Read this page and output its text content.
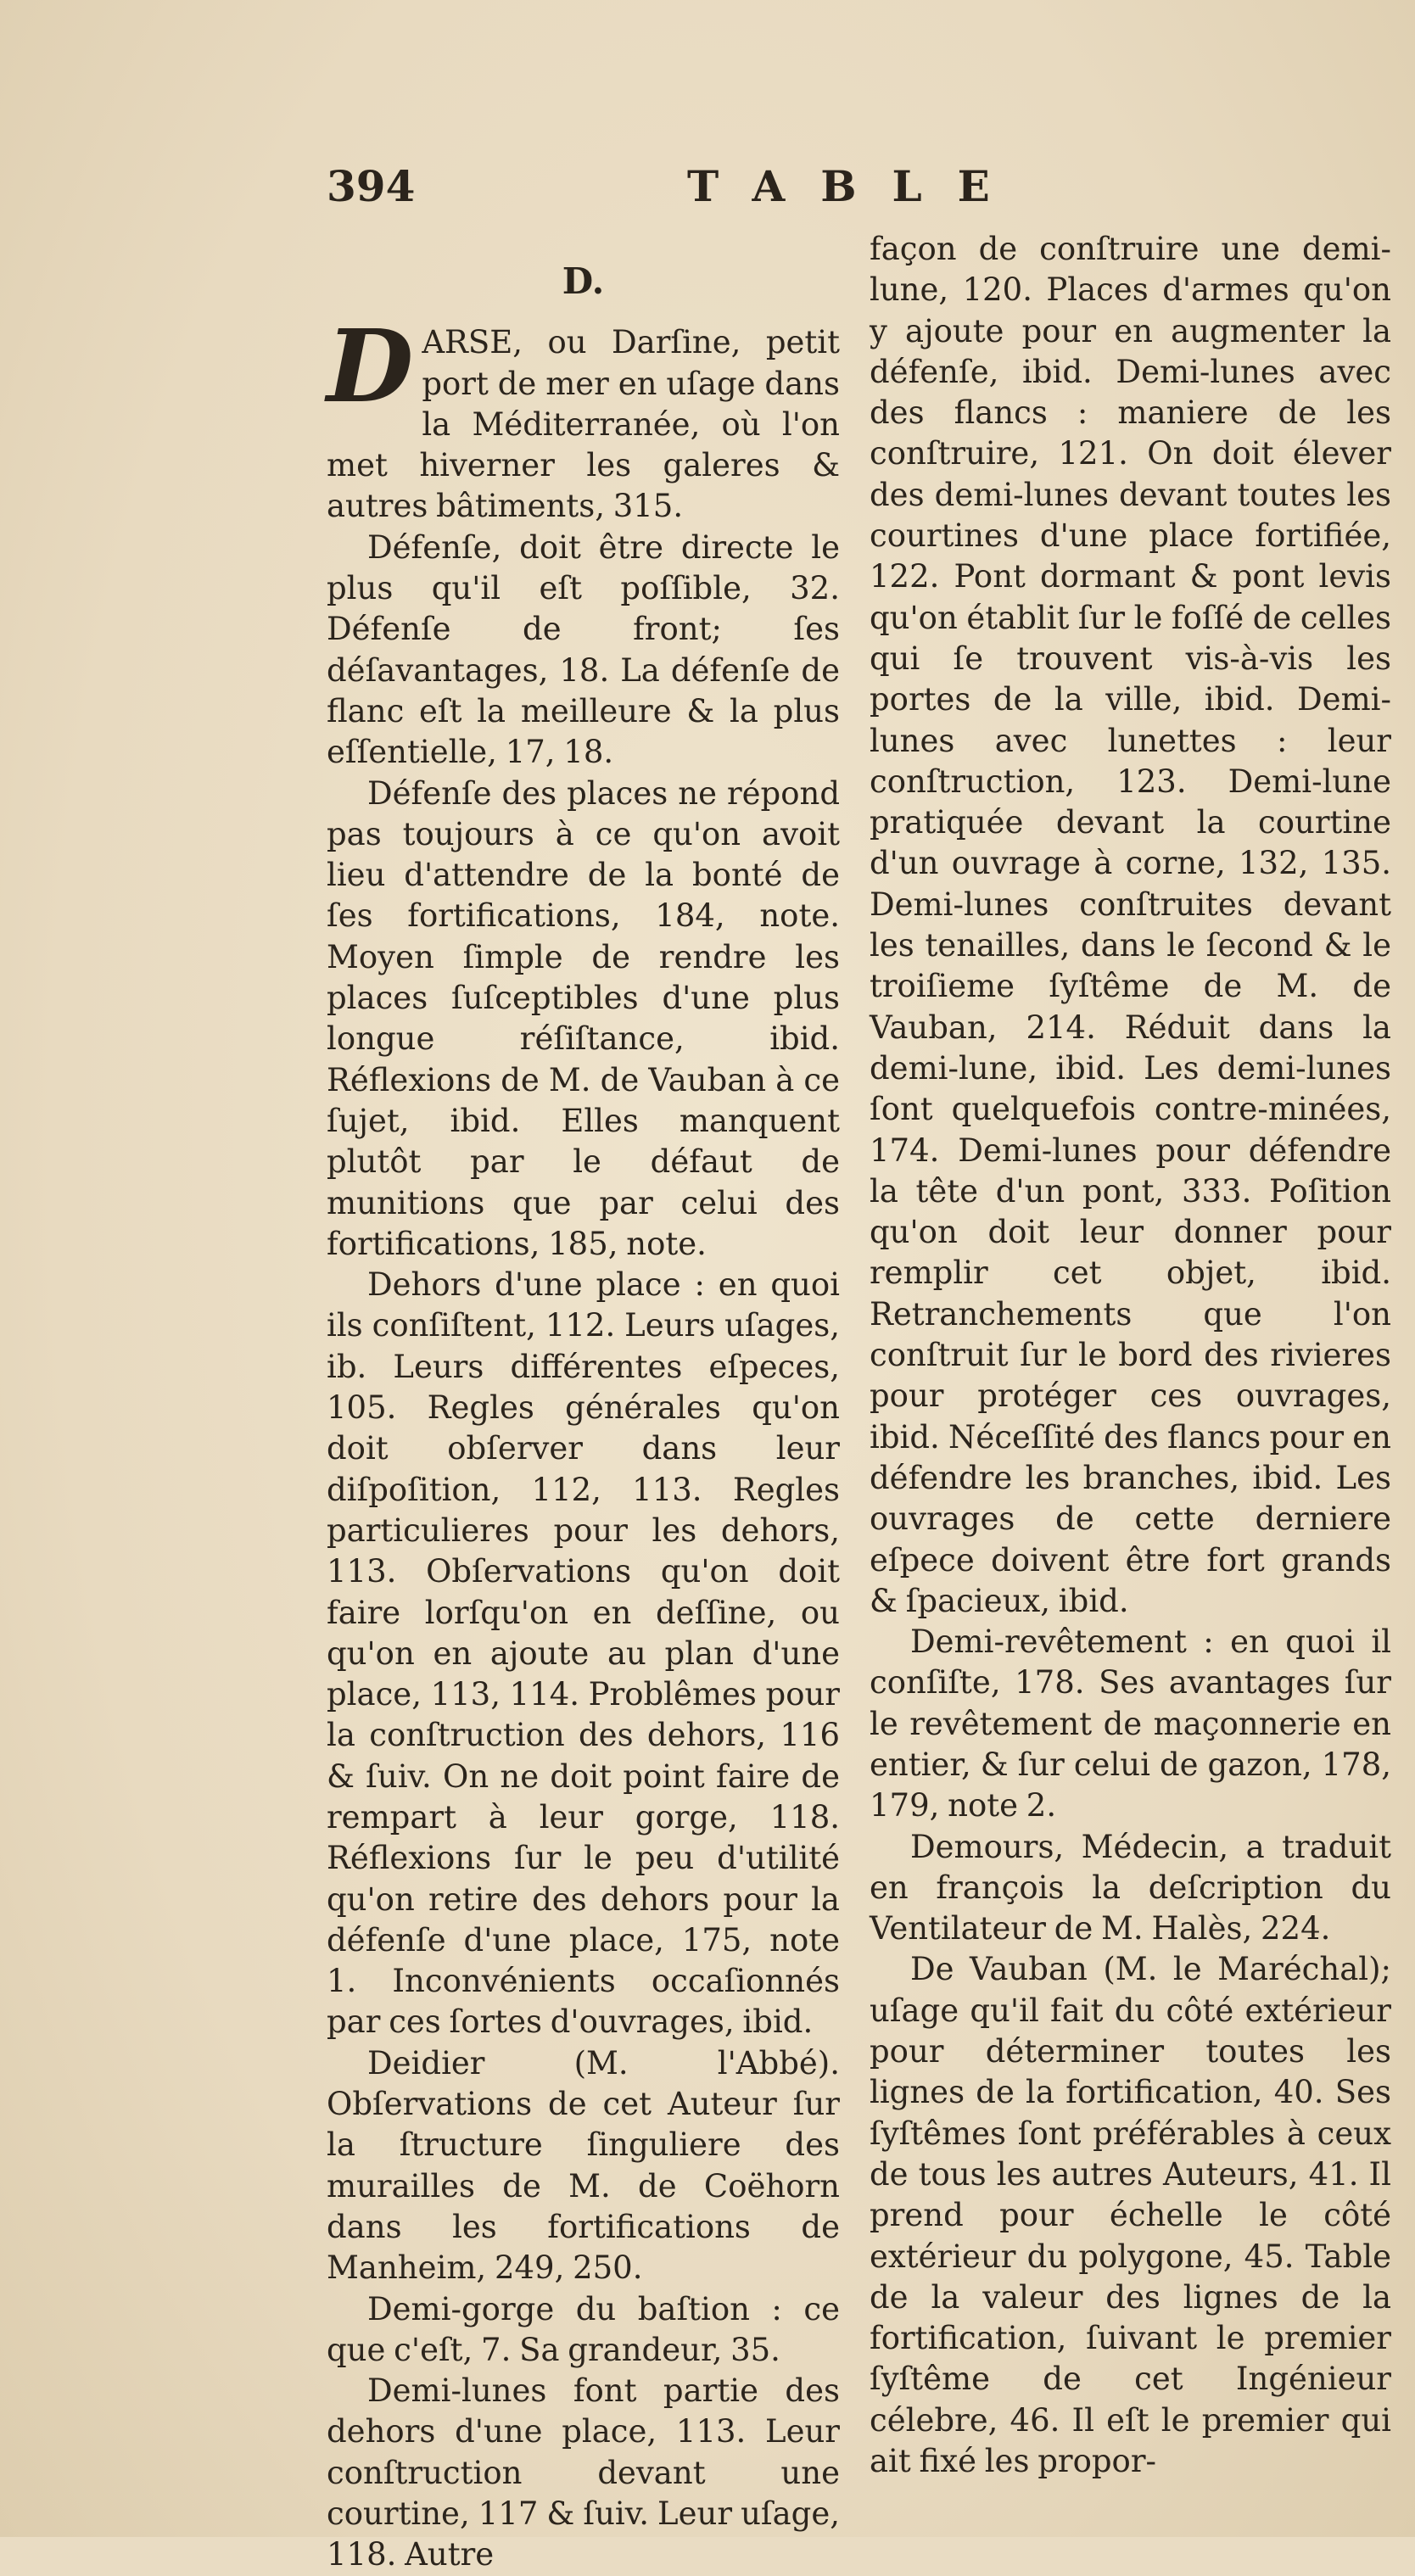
394	TABLE
D.

DARSE, ou Darſine, petit port de mer en uſage dans la Méditerranée, où l'on met hiverner les galeres & autres bâtiments, 315.

Défenſe, doit être directe le plus qu'il eſt poſſible, 32. Défenſe de front; ſes déſavantages, 18. La défenſe de flanc eſt la meilleure & la plus eſſentielle, 17, 18.

Défenſe des places ne répond pas toujours à ce qu'on avoit lieu d'attendre de la bonté de ſes fortifications, 184, note. Moyen ſimple de rendre les places ſuſceptibles d'une plus longue réſiſtance, ibid. Réflexions de M. de Vauban à ce ſujet, ibid. Elles manquent plutôt par le défaut de munitions que par celui des fortifications, 185, note.

Dehors d'une place : en quoi ils conſiſtent, 112. Leurs uſages, ib. Leurs différentes eſpeces, 105. Regles générales qu'on doit obſerver dans leur diſpoſition, 112, 113. Regles particulieres pour les dehors, 113. Obſervations qu'on doit faire lorſqu'on en deſſine, ou qu'on en ajoute au plan d'une place, 113, 114. Problêmes pour la conſtruction des dehors, 116 & ſuiv. On ne doit point faire de rempart à leur gorge, 118. Réflexions ſur le peu d'utilité qu'on retire des dehors pour la défenſe d'une place, 175, note 1. Inconvénients occaſionnés par ces ſortes d'ouvrages, ibid.

Deidier (M. l'Abbé). Obſervations de cet Auteur ſur la ſtructure ſinguliere des murailles de M. de Coëhorn dans les fortifications de Manheim, 249, 250.

Demi-gorge du baſtion : ce que c'eſt, 7. Sa grandeur, 35.

Demi-lunes font partie des dehors d'une place, 113. Leur conſtruction devant une courtine, 117 & ſuiv. Leur uſage, 118. Autre

façon de conſtruire une demi-lune, 120. Places d'armes qu'on y ajoute pour en augmenter la défenſe, ibid. Demi-lunes avec des flancs : maniere de les conſtruire, 121. On doit élever des demi-lunes devant toutes les courtines d'une place fortifiée, 122. Pont dormant & pont levis qu'on établit ſur le foſſé de celles qui ſe trouvent vis-à-vis les portes de la ville, ibid. Demi-lunes avec lunettes : leur conſtruction, 123. Demi-lune pratiquée devant la courtine d'un ouvrage à corne, 132, 135. Demi-lunes conſtruites devant les tenailles, dans le ſecond & le troiſieme ſyſtême de M. de Vauban, 214. Réduit dans la demi-lune, ibid. Les demi-lunes ſont quelquefois contre-minées, 174. Demi-lunes pour défendre la tête d'un pont, 333. Poſition qu'on doit leur donner pour remplir cet objet, ibid. Retranchements que l'on conſtruit ſur le bord des rivieres pour protéger ces ouvrages, ibid. Néceſſité des flancs pour en défendre les branches, ibid. Les ouvrages de cette derniere eſpece doivent être fort grands & ſpacieux, ibid.

Demi-revêtement : en quoi il conſiſte, 178. Ses avantages ſur le revêtement de maçonnerie en entier, & ſur celui de gazon, 178, 179, note 2.

Demours, Médecin, a traduit en françois la deſcription du Ventilateur de M. Halès, 224.

De Vauban (M. le Maréchal); uſage qu'il fait du côté extérieur pour déterminer toutes les lignes de la fortification, 40. Ses ſyſtêmes ſont préférables à ceux de tous les autres Auteurs, 41. Il prend pour échelle le côté extérieur du polygone, 45. Table de la valeur des lignes de la fortification, ſuivant le premier ſyſtême de cet Ingénieur célebre, 46. Il eſt le premier qui ait fixé les propor-
